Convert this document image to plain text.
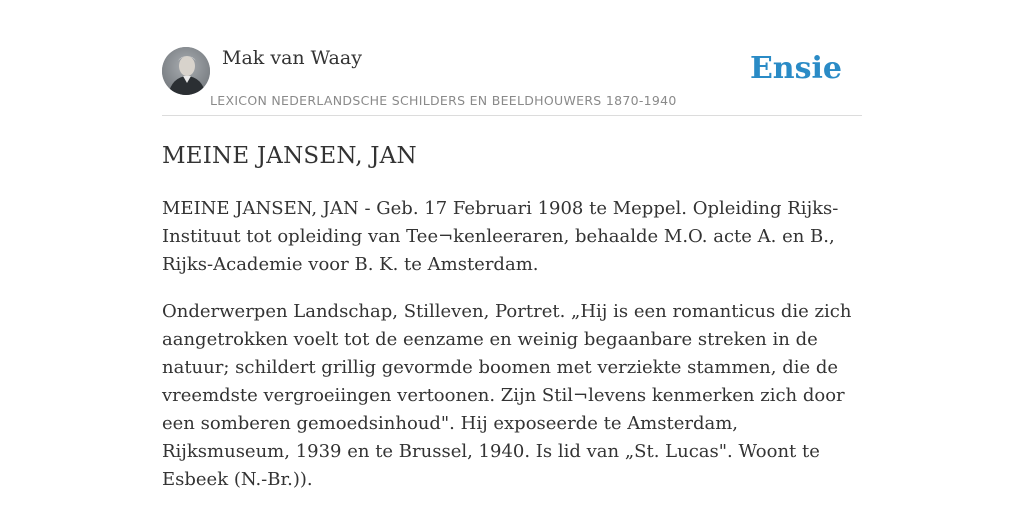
Mak van Waay
LEXICON NEDERLANDSCHE SCHILDERS EN BEELDHOUWERS 1870-1940
Ensie
MEINE JANSEN, JAN

MEINE JANSEN, JAN - Geb. 17 Februari 1908 te Meppel. Opleiding Rijks-Instituut tot opleiding van Tee¬kenleeraren, behaalde M.O. acte A. en B., Rijks-Academie voor B. K. te Amsterdam.

Onderwerpen Landschap, Stilleven, Portret. „Hij is een romanticus die zich aangetrokken voelt tot de eenzame en weinig begaanbare streken in de natuur; schildert grillig gevormde boomen met verziekte stammen, die de vreemdste vergroeiingen vertoonen. Zijn Stil¬levens kenmerken zich door een somberen gemoedsinhoud". Hij exposeerde te Amsterdam, Rijksmuseum, 1939 en te Brussel, 1940. Is lid van „St. Lucas". Woont te Esbeek (N.-Br.)).
